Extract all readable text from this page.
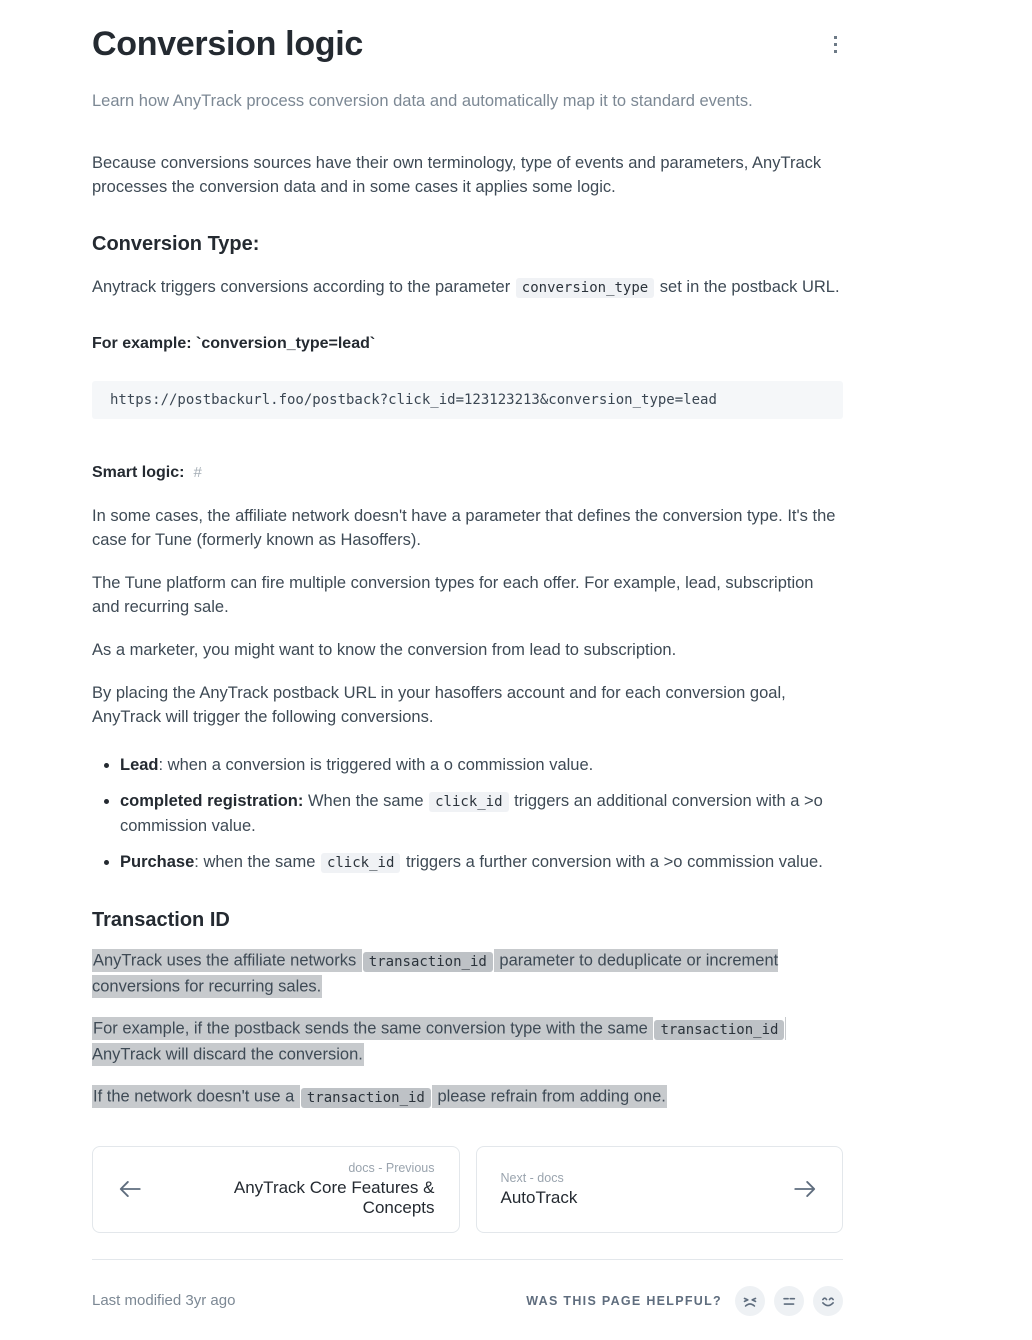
Conversion logic

Learn how AnyTrack process conversion data and automatically map it to standard events.

Because conversions sources have their own terminology, type of events and parameters, AnyTrack processes the conversion data and in some cases it applies some logic.

Conversion Type:

Anytrack triggers conversions according to the parameter conversion_type set in the postback URL.

For example: `conversion_type=lead`

https://postbackurl.foo/postback?click_id=123123213&conversion_type=lead

Smart logic: #

In some cases, the affiliate network doesn't have a parameter that defines the conversion type. It's the case for Tune (formerly known as Hasoffers).

The Tune platform can fire multiple conversion types for each offer. For example, lead, subscription and recurring sale.

As a marketer, you might want to know the conversion from lead to subscription.

By placing the AnyTrack postback URL in your hasoffers account and for each conversion goal, AnyTrack will trigger the following conversions.

• Lead: when a conversion is triggered with a o commission value.
• completed registration: When the same click_id triggers an additional conversion with a >o commission value.
• Purchase: when the same click_id triggers a further conversion with a >o commission value.
Transaction ID

AnyTrack uses the affiliate networks transaction_id parameter to deduplicate or increment conversions for recurring sales.

For example, if the postback sends the same conversion type with the same transaction_id AnyTrack will discard the conversion.

If the network doesn't use a transaction_id please refrain from adding one.

docs - Previous
AnyTrack Core Features & Concepts
Next - docs
AutoTrack
Last modified 3yr ago	WAS THIS PAGE HELPFUL?
